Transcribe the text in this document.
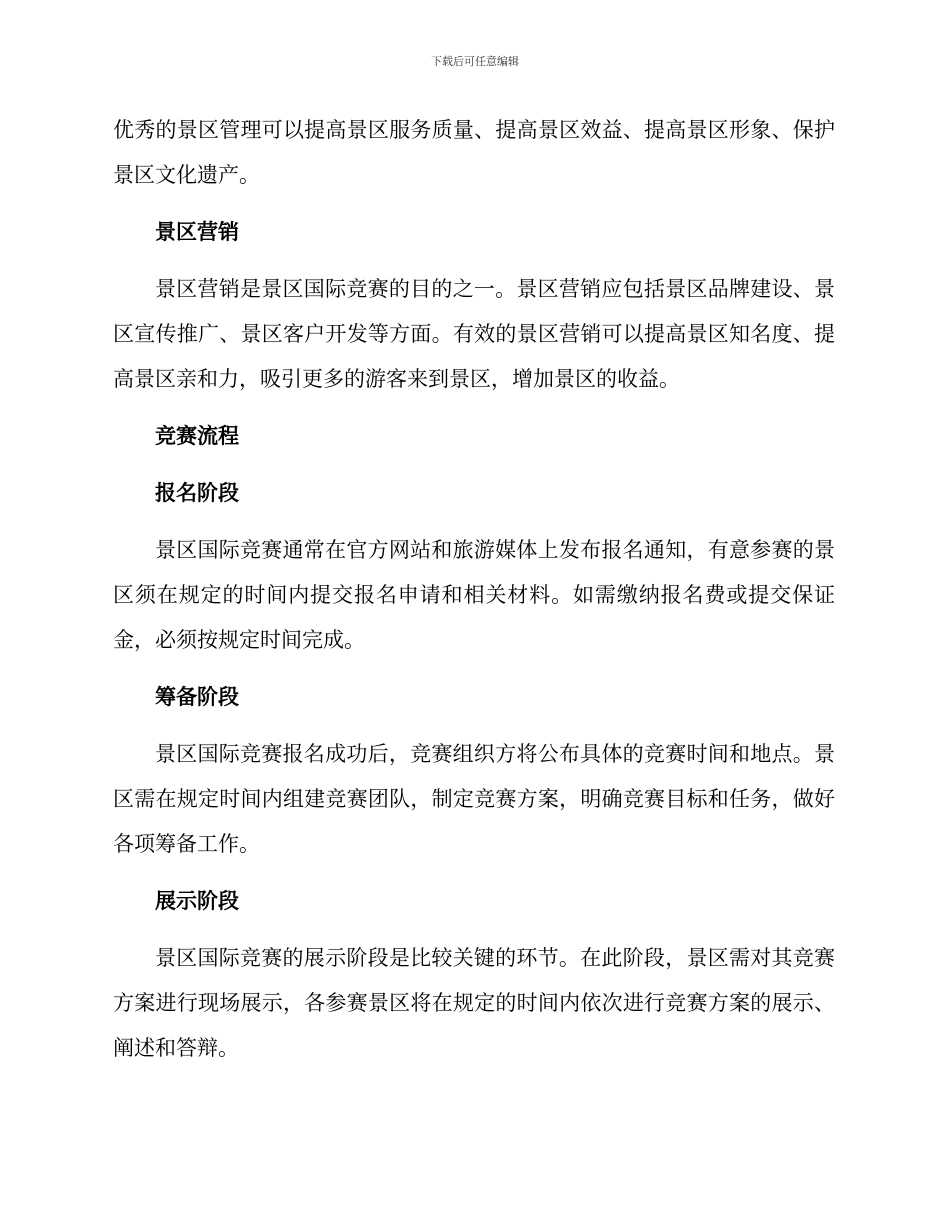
下载后可任意编辑

优秀的景区管理可以提高景区服务质量、提高景区效益、提高景区形象、保护景区文化遗产。

景区营销

景区营销是景区国际竞赛的目的之一。景区营销应包括景区品牌建设、景区宣传推广、景区客户开发等方面。有效的景区营销可以提高景区知名度、提高景区亲和力，吸引更多的游客来到景区，增加景区的收益。

竞赛流程
报名阶段

景区国际竞赛通常在官方网站和旅游媒体上发布报名通知，有意参赛的景区须在规定的时间内提交报名申请和相关材料。如需缴纳报名费或提交保证金，必须按规定时间完成。

筹备阶段

景区国际竞赛报名成功后，竞赛组织方将公布具体的竞赛时间和地点。景区需在规定时间内组建竞赛团队，制定竞赛方案，明确竞赛目标和任务，做好各项筹备工作。

展示阶段

景区国际竞赛的展示阶段是比较关键的环节。在此阶段，景区需对其竞赛方案进行现场展示，各参赛景区将在规定的时间内依次进行竞赛方案的展示、阐述和答辩。
